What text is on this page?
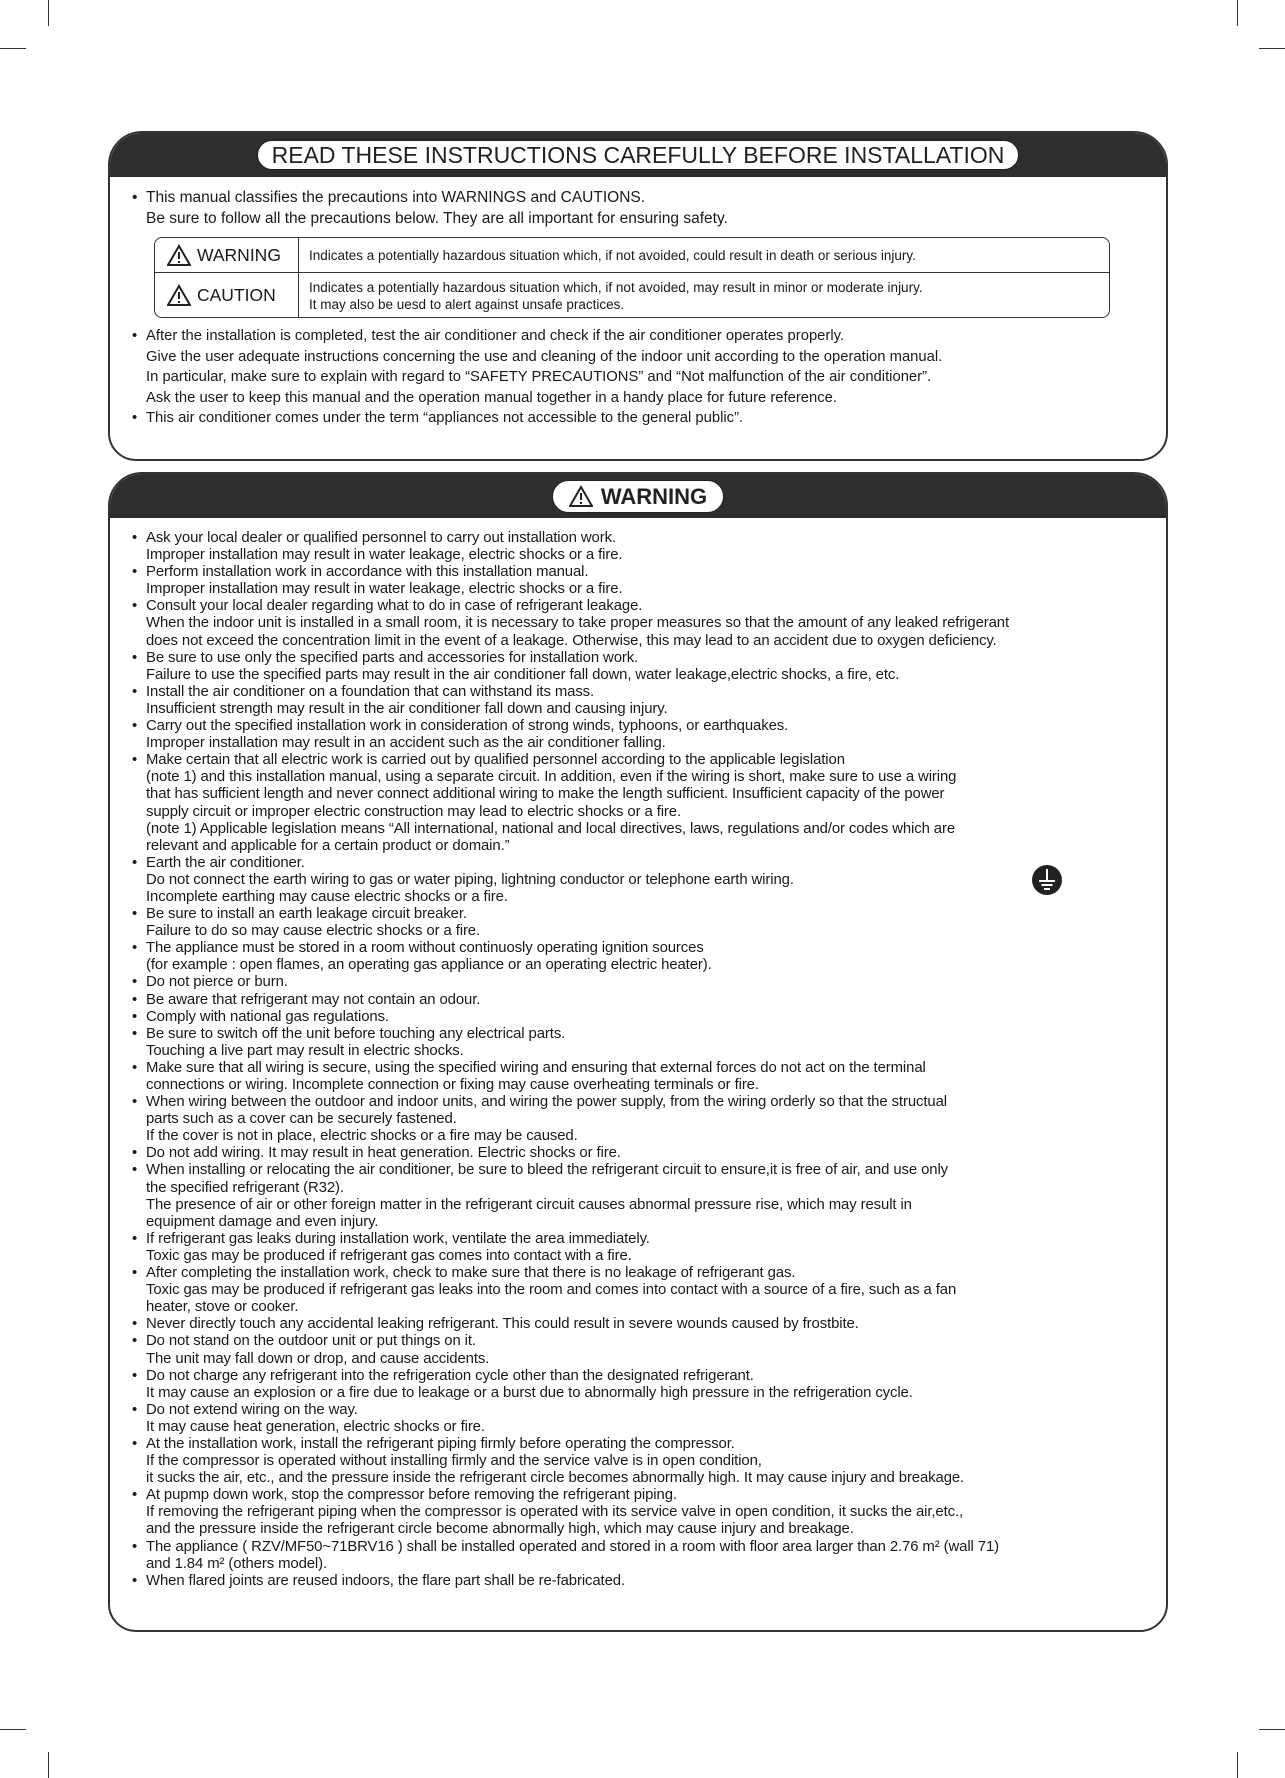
READ THESE INSTRUCTIONS CAREFULLY BEFORE INSTALLATION
• This manual classifies the precautions into WARNINGS and CAUTIONS.
Be sure to follow all the precautions below. They are all important for ensuring safety.
WARNING	Indicates a potentially hazardous situation which, if not avoided, could result in death or serious injury.
CAUTION Indicates a potentially hazardous situation which, if not avoided, may result in minor or moderate injury.
It may also be uesd to alert against unsafe practices.
• After the installation is completed, test the air conditioner and check if the air conditioner operates properly.
Give the user adequate instructions concerning the use and cleaning of the indoor unit according to the operation manual.
In particular, make sure to explain with regard to “SAFETY PRECAUTIONS” and “Not malfunction of the air conditioner”.
Ask the user to keep this manual and the operation manual together in a handy place for future reference.
• This air conditioner comes under the term “appliances not accessible to the general public”.
WARNING
• Ask your local dealer or qualified personnel to carry out installation work.
Improper installation may result in water leakage, electric shocks or a fire.
• Perform installation work in accordance with this installation manual.
Improper installation may result in water leakage, electric shocks or a fire.
• Consult your local dealer regarding what to do in case of refrigerant leakage.
When the indoor unit is installed in a small room, it is necessary to take proper measures so that the amount of any leaked refrigerant
does not exceed the concentration limit in the event of a leakage. Otherwise, this may lead to an accident due to oxygen deficiency.
• Be sure to use only the specified parts and accessories for installation work.
Failure to use the specified parts may result in the air conditioner fall down, water leakage,electric shocks, a fire, etc.
• Install the air conditioner on a foundation that can withstand its mass.
Insufficient strength may result in the air conditioner fall down and causing injury.
• Carry out the specified installation work in consideration of strong winds, typhoons, or earthquakes.
Improper installation may result in an accident such as the air conditioner falling.
• Make certain that all electric work is carried out by qualified personnel according to the applicable legislation
(note 1) and this installation manual, using a separate circuit. In addition, even if the wiring is short, make sure to use a wiring
that has sufficient length and never connect additional wiring to make the length sufficient. Insufficient capacity of the power
supply circuit or improper electric construction may lead to electric shocks or a fire.
(note 1) Applicable legislation means “All international, national and local directives, laws, regulations and/or codes which are
relevant and applicable for a certain product or domain.”
• Earth the air conditioner.
Do not connect the earth wiring to gas or water piping, lightning conductor or telephone earth wiring.
Incomplete earthing may cause electric shocks or a fire.
• Be sure to install an earth leakage circuit breaker.
Failure to do so may cause electric shocks or a fire.
• The appliance must be stored in a room without continuosly operating ignition sources
(for example : open flames, an operating gas appliance or an operating electric heater).
• Do not pierce or burn.
• Be aware that refrigerant may not contain an odour.
• Comply with national gas regulations.
• Be sure to switch off the unit before touching any electrical parts.
Touching a live part may result in electric shocks.
• Make sure that all wiring is secure, using the specified wiring and ensuring that external forces do not act on the terminal
connections or wiring. Incomplete connection or fixing may cause overheating terminals or fire.
• When wiring between the outdoor and indoor units, and wiring the power supply, from the wiring orderly so that the structual
parts such as a cover can be securely fastened.
If the cover is not in place, electric shocks or a fire may be caused.
• Do not add wiring. It may result in heat generation. Electric shocks or fire.
• When installing or relocating the air conditioner, be sure to bleed the refrigerant circuit to ensure,it is free of air, and use only
the specified refrigerant (R32).
The presence of air or other foreign matter in the refrigerant circuit causes abnormal pressure rise, which may result in
equipment damage and even injury.
• If refrigerant gas leaks during installation work, ventilate the area immediately.
Toxic gas may be produced if refrigerant gas comes into contact with a fire.
• After completing the installation work, check to make sure that there is no leakage of refrigerant gas.
Toxic gas may be produced if refrigerant gas leaks into the room and comes into contact with a source of a fire, such as a fan
heater, stove or cooker.
• Never directly touch any accidental leaking refrigerant. This could result in severe wounds caused by frostbite.
• Do not stand on the outdoor unit or put things on it.
The unit may fall down or drop, and cause accidents.
• Do not charge any refrigerant into the refrigeration cycle other than the designated refrigerant.
It may cause an explosion or a fire due to leakage or a burst due to abnormally high pressure in the refrigeration cycle.
• Do not extend wiring on the way.
It may cause heat generation, electric shocks or fire.
• At the installation work, install the refrigerant piping firmly before operating the compressor.
If the compressor is operated without installing firmly and the service valve is in open condition,
it sucks the air, etc., and the pressure inside the refrigerant circle becomes abnormally high. It may cause injury and breakage.
• At pupmp down work, stop the compressor before removing the refrigerant piping.
If removing the refrigerant piping when the compressor is operated with its service valve in open condition, it sucks the air,etc.,
and the pressure inside the refrigerant circle become abnormally high, which may cause injury and breakage.
• The appliance ( RZV/MF50~71BRV16 ) shall be installed operated and stored in a room with floor area larger than 2.76 m² (wall 71)
and 1.84 m² (others model).
• When flared joints are reused indoors, the flare part shall be re-fabricated.
